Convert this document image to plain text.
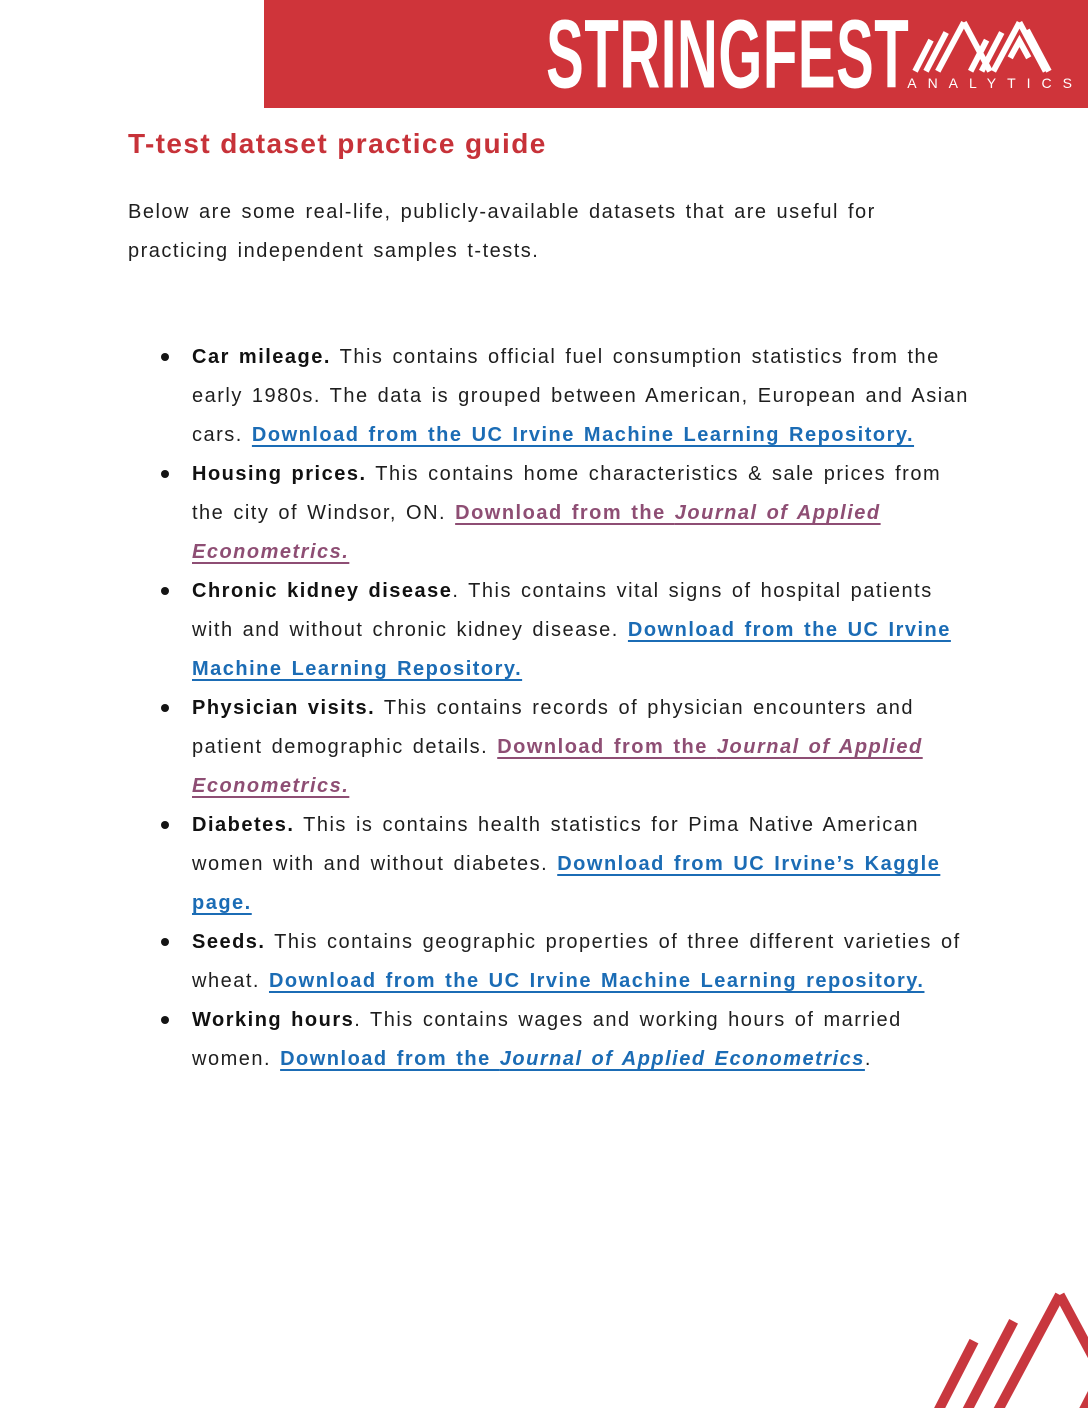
STRINGFEST
ANALYTICS
T-test dataset practice guide

Below are some real-life, publicly-available datasets that are useful for practicing independent samples t-tests.

Car mileage. This contains official fuel consumption statistics from the early 1980s. The data is grouped between American, European and Asian cars. Download from the UC Irvine Machine Learning Repository.
Housing prices. This contains home characteristics & sale prices from the city of Windsor, ON. Download from the Journal of Applied Econometrics.
Chronic kidney disease. This contains vital signs of hospital patients with and without chronic kidney disease. Download from the UC Irvine Machine Learning Repository.
Physician visits. This contains records of physician encounters and patient demographic details. Download from the Journal of Applied Econometrics.
Diabetes. This is contains health statistics for Pima Native American women with and without diabetes. Download from UC Irvine’s Kaggle page.
Seeds. This contains geographic properties of three different varieties of wheat. Download from the UC Irvine Machine Learning repository.
Working hours. This contains wages and working hours of married women. Download from the Journal of Applied Econometrics.
